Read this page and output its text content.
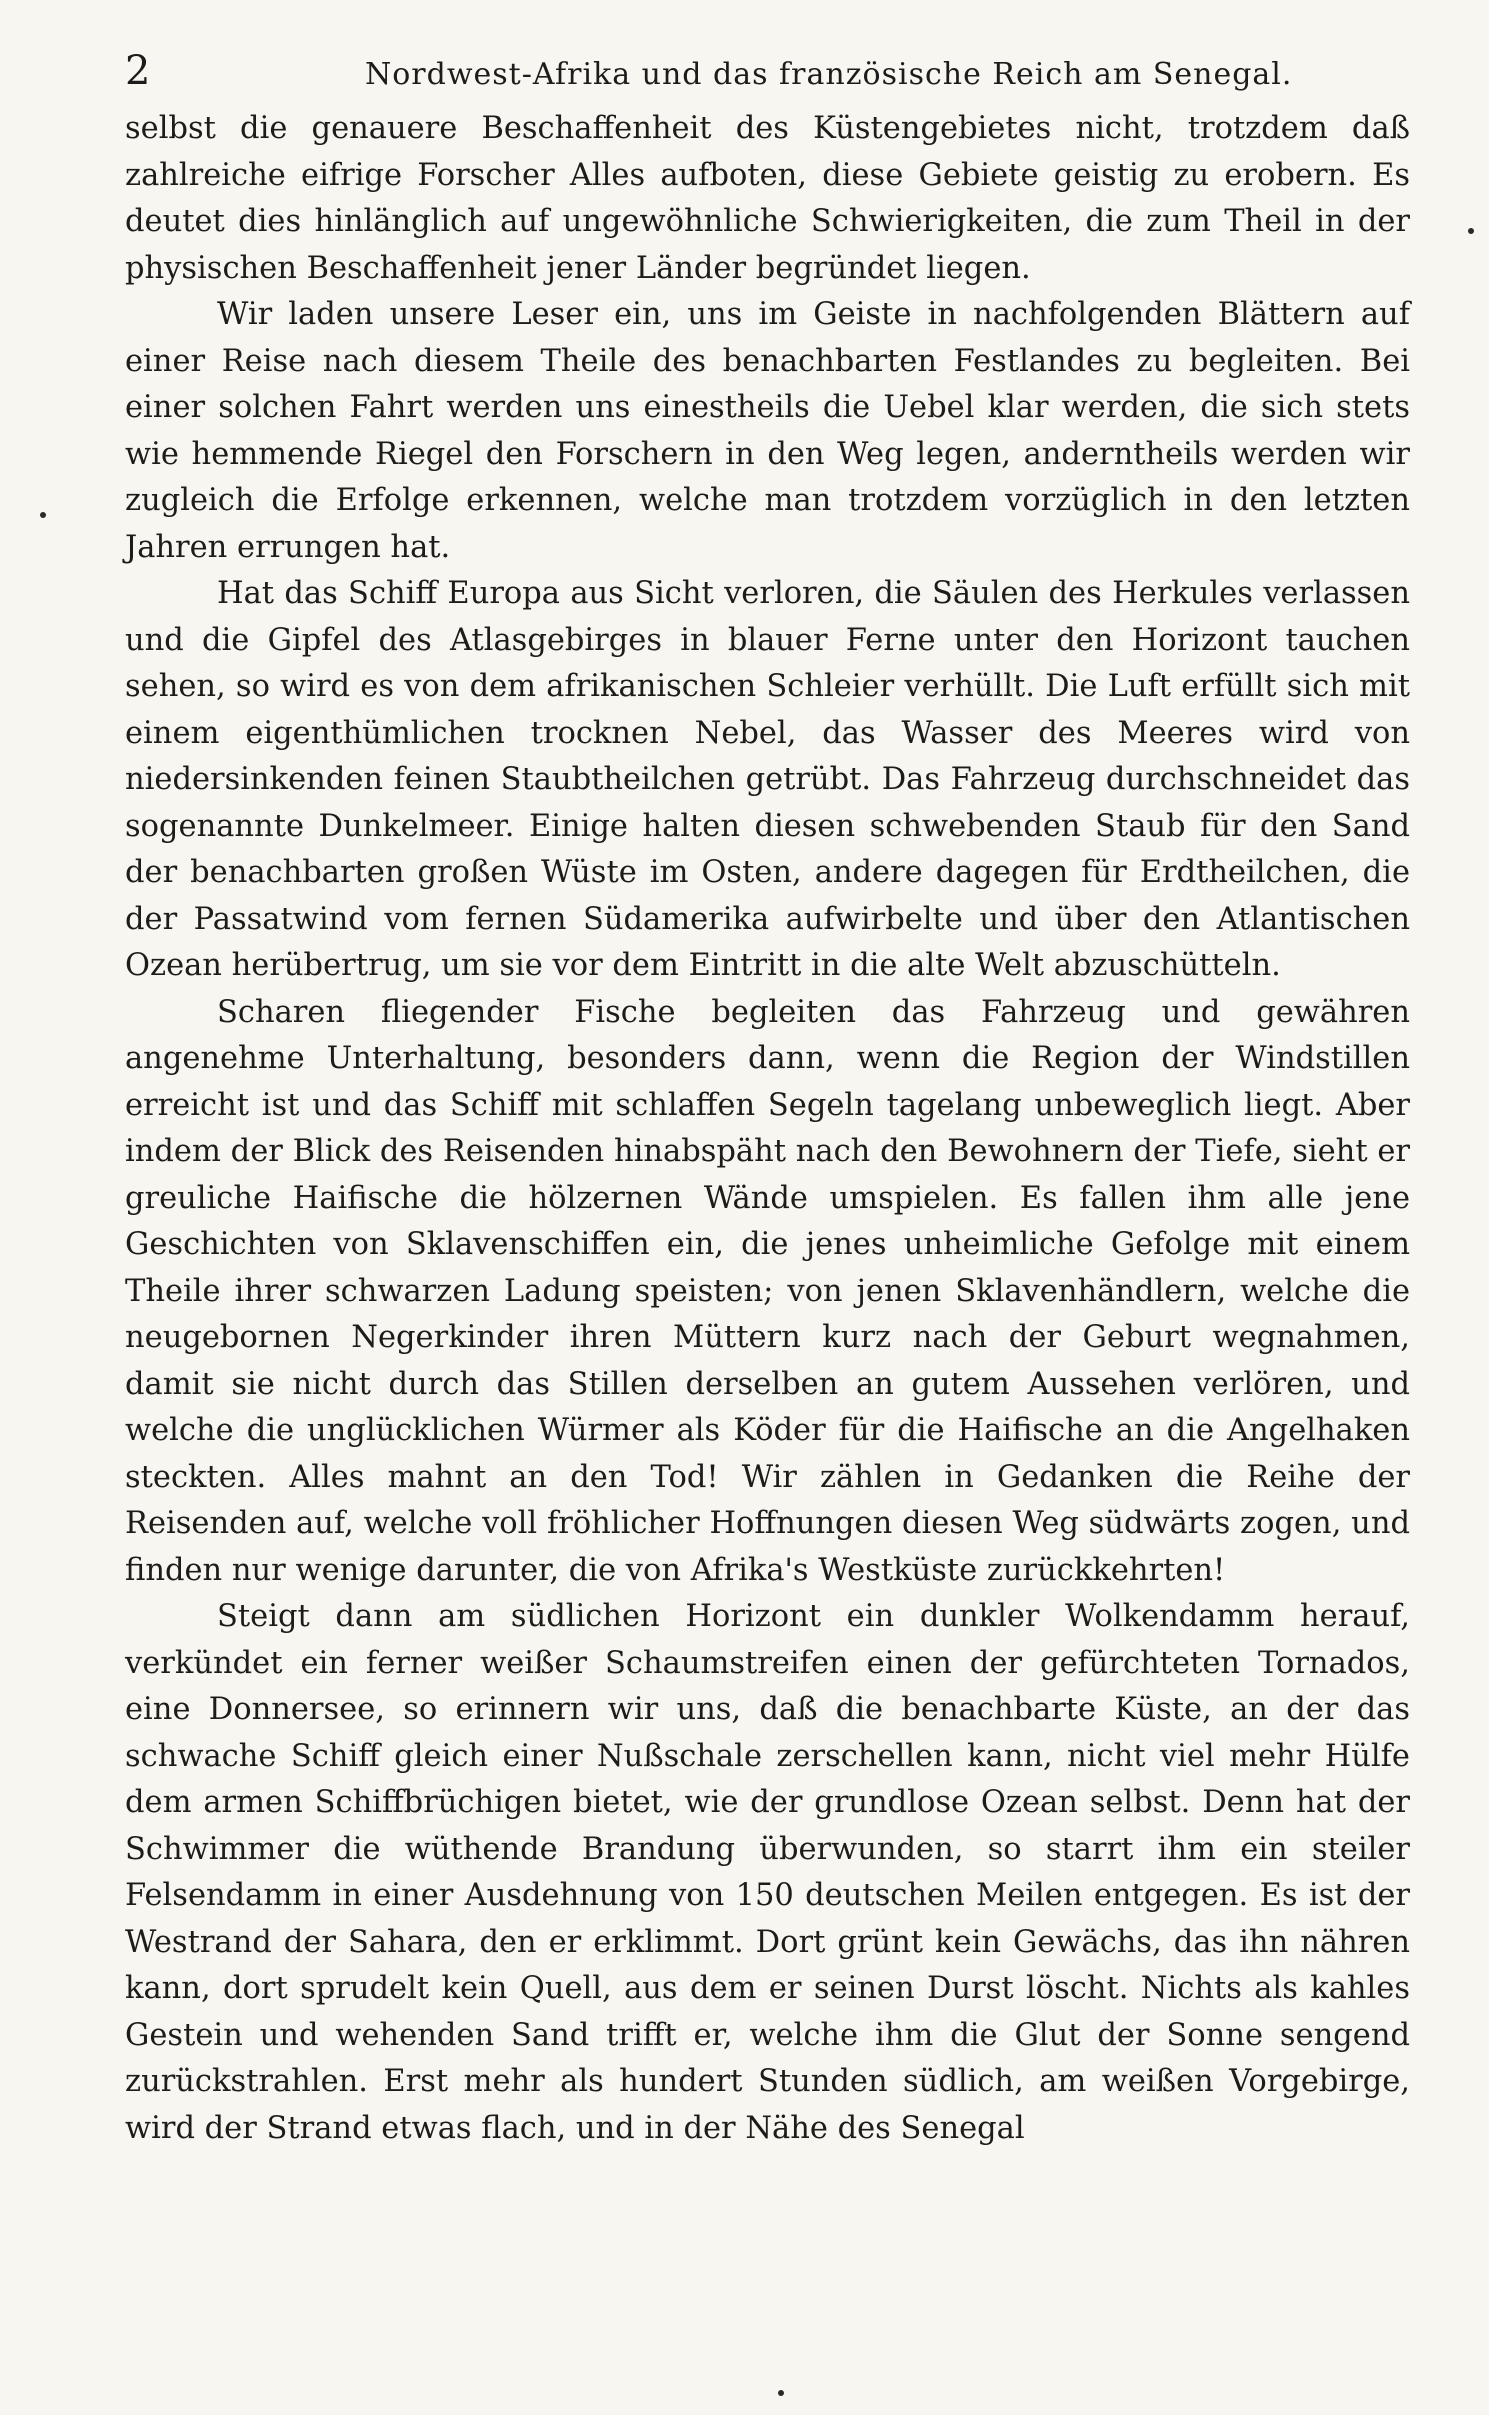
2	Nordwest-Afrika und das französische Reich am Senegal.

selbst die genauere Beschaffenheit des Küstengebietes nicht, trotzdem daß zahlreiche eifrige Forscher Alles aufboten, diese Gebiete geistig zu erobern. Es deutet dies hinlänglich auf ungewöhnliche Schwierigkeiten, die zum Theil in der physischen Beschaffenheit jener Länder begründet liegen.

Wir laden unsere Leser ein, uns im Geiste in nachfolgenden Blättern auf einer Reise nach diesem Theile des benachbarten Festlandes zu begleiten. Bei einer solchen Fahrt werden uns einestheils die Uebel klar werden, die sich stets wie hemmende Riegel den Forschern in den Weg legen, anderntheils werden wir zugleich die Erfolge erkennen, welche man trotzdem vorzüglich in den letzten Jahren errungen hat.

Hat das Schiff Europa aus Sicht verloren, die Säulen des Herkules verlassen und die Gipfel des Atlasgebirges in blauer Ferne unter den Horizont tauchen sehen, so wird es von dem afrikanischen Schleier verhüllt. Die Luft erfüllt sich mit einem eigenthümlichen trocknen Nebel, das Wasser des Meeres wird von niedersinkenden feinen Staubtheilchen getrübt. Das Fahrzeug durchschneidet das sogenannte Dunkelmeer. Einige halten diesen schwebenden Staub für den Sand der benachbarten großen Wüste im Osten, andere dagegen für Erdtheilchen, die der Passatwind vom fernen Südamerika aufwirbelte und über den Atlantischen Ozean herübertrug, um sie vor dem Eintritt in die alte Welt abzuschütteln.

Scharen fliegender Fische begleiten das Fahrzeug und gewähren angenehme Unterhaltung, besonders dann, wenn die Region der Windstillen erreicht ist und das Schiff mit schlaffen Segeln tagelang unbeweglich liegt. Aber indem der Blick des Reisenden hinabspäht nach den Bewohnern der Tiefe, sieht er greuliche Haifische die hölzernen Wände umspielen. Es fallen ihm alle jene Geschichten von Sklavenschiffen ein, die jenes unheimliche Gefolge mit einem Theile ihrer schwarzen Ladung speisten; von jenen Sklavenhändlern, welche die neugebornen Negerkinder ihren Müttern kurz nach der Geburt wegnahmen, damit sie nicht durch das Stillen derselben an gutem Aussehen verlören, und welche die unglücklichen Würmer als Köder für die Haifische an die Angelhaken steckten. Alles mahnt an den Tod! Wir zählen in Gedanken die Reihe der Reisenden auf, welche voll fröhlicher Hoffnungen diesen Weg südwärts zogen, und finden nur wenige darunter, die von Afrika's Westküste zurückkehrten!

Steigt dann am südlichen Horizont ein dunkler Wolkendamm herauf, verkündet ein ferner weißer Schaumstreifen einen der gefürchteten Tornados, eine Donnersee, so erinnern wir uns, daß die benachbarte Küste, an der das schwache Schiff gleich einer Nußschale zerschellen kann, nicht viel mehr Hülfe dem armen Schiffbrüchigen bietet, wie der grundlose Ozean selbst. Denn hat der Schwimmer die wüthende Brandung überwunden, so starrt ihm ein steiler Felsendamm in einer Ausdehnung von 150 deutschen Meilen entgegen. Es ist der Westrand der Sahara, den er erklimmt. Dort grünt kein Gewächs, das ihn nähren kann, dort sprudelt kein Quell, aus dem er seinen Durst löscht. Nichts als kahles Gestein und wehenden Sand trifft er, welche ihm die Glut der Sonne sengend zurückstrahlen. Erst mehr als hundert Stunden südlich, am weißen Vorgebirge, wird der Strand etwas flach, und in der Nähe des Senegal
